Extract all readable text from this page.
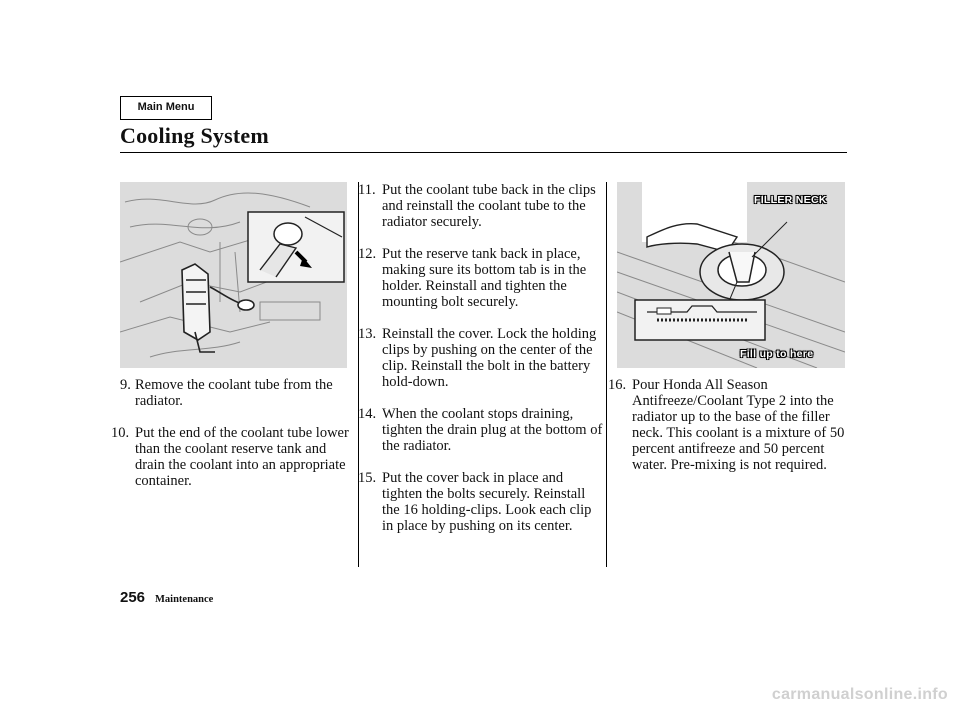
Main Menu
Cooling System
FILLER NECK
Fill up to here
9. Remove the coolant tube from the radiator.
10. Put the end of the coolant tube lower than the coolant reserve tank and drain the coolant into an appropriate container.
11. Put the coolant tube back in the clips and reinstall the coolant tube to the radiator securely.
12. Put the reserve tank back in place, making sure its bottom tab is in the holder. Reinstall and tighten the mounting bolt securely.
13. Reinstall the cover. Lock the holding clips by pushing on the center of the clip. Reinstall the bolt in the battery hold-down.
14. When the coolant stops draining, tighten the drain plug at the bottom of the radiator.
15. Put the cover back in place and tighten the bolts securely. Reinstall the 16 holding-clips. Look each clip in place by pushing on its center.
16. Pour Honda All Season Antifreeze/Coolant Type 2 into the radiator up to the base of the filler neck. This coolant is a mixture of 50 percent antifreeze and 50 percent water. Pre-mixing is not required.
256 Maintenance
carmanualsonline.info
